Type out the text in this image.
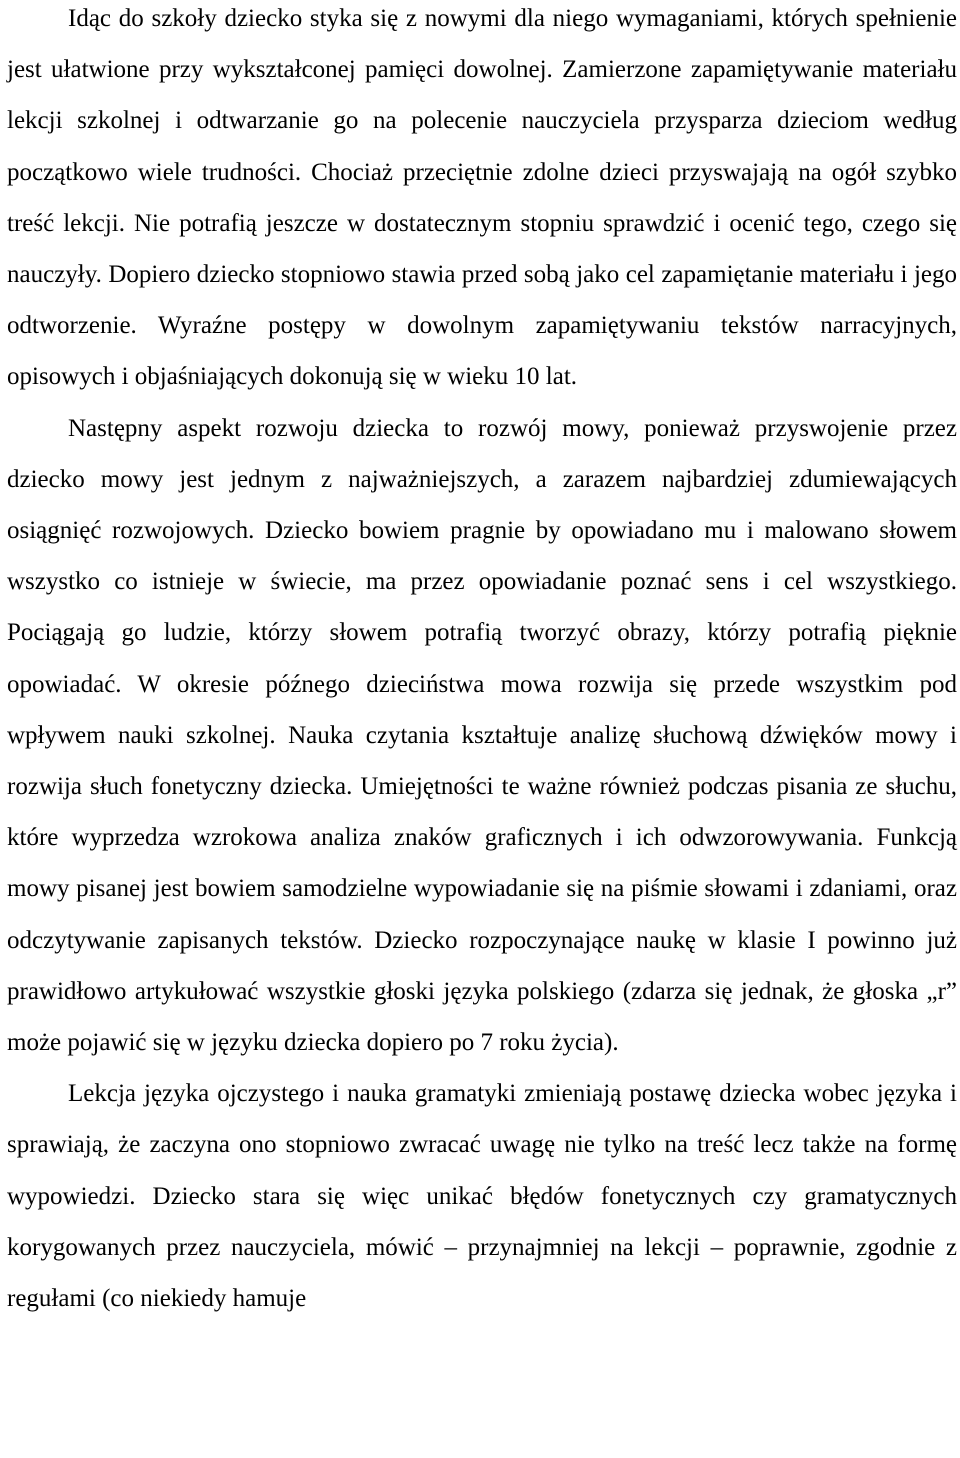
Idąc do szkoły dziecko styka się z nowymi dla niego wymaganiami, których spełnienie jest ułatwione przy wykształconej pamięci dowolnej. Zamierzone zapamiętywanie materiału lekcji szkolnej i odtwarzanie go na polecenie nauczyciela przysparza dzieciom według początkowo wiele trudności. Chociaż przeciętnie zdolne dzieci przyswajają na ogół szybko treść lekcji. Nie potrafią jeszcze w dostatecznym stopniu sprawdzić i ocenić tego, czego się nauczyły. Dopiero dziecko stopniowo stawia przed sobą jako cel zapamiętanie materiału i jego odtworzenie. Wyraźne postępy w dowolnym zapamiętywaniu tekstów narracyjnych, opisowych i objaśniających dokonują się w wieku 10 lat.

Następny aspekt rozwoju dziecka to rozwój mowy, ponieważ przyswojenie przez dziecko mowy jest jednym z najważniejszych, a zarazem najbardziej zdumiewających osiągnięć rozwojowych. Dziecko bowiem pragnie by opowiadano mu i malowano słowem wszystko co istnieje w świecie, ma przez opowiadanie poznać sens i cel wszystkiego. Pociągają go ludzie, którzy słowem potrafią tworzyć obrazy, którzy potrafią pięknie opowiadać. W okresie późnego dzieciństwa mowa rozwija się przede wszystkim pod wpływem nauki szkolnej. Nauka czytania kształtuje analizę słuchową dźwięków mowy i rozwija słuch fonetyczny dziecka. Umiejętności te ważne również podczas pisania ze słuchu, które wyprzedza wzrokowa analiza znaków graficznych i ich odwzorowywania. Funkcją mowy pisanej jest bowiem samodzielne wypowiadanie się na piśmie słowami i zdaniami, oraz odczytywanie zapisanych tekstów. Dziecko rozpoczynające naukę w klasie I powinno już prawidłowo artykułować wszystkie głoski języka polskiego (zdarza się jednak, że głoska „r” może pojawić się w języku dziecka dopiero po 7 roku życia).

Lekcja języka ojczystego i nauka gramatyki zmieniają postawę dziecka wobec języka i sprawiają, że zaczyna ono stopniowo zwracać uwagę nie tylko na treść lecz także na formę wypowiedzi. Dziecko stara się więc unikać błędów fonetycznych czy gramatycznych korygowanych przez nauczyciela, mówić – przynajmniej na lekcji – poprawnie, zgodnie z regułami (co niekiedy hamuje
